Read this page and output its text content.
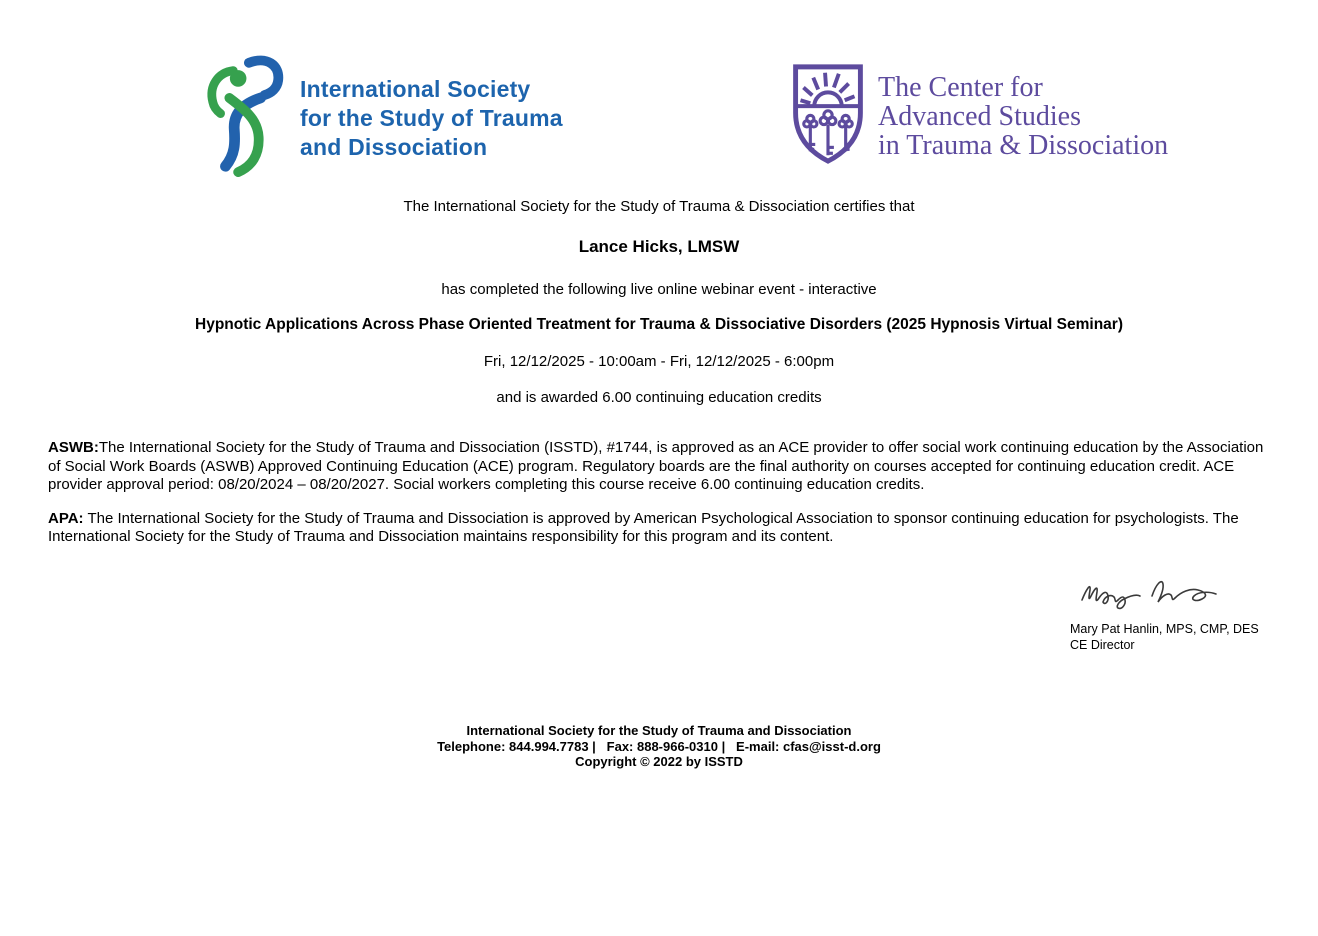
International Society
for the Study of Trauma
and Dissociation
The Center for
Advanced Studies
in Trauma & Dissociation
The International Society for the Study of Trauma & Dissociation certifies that
Lance Hicks, LMSW
has completed the following live online webinar event - interactive
Hypnotic Applications Across Phase Oriented Treatment for Trauma & Dissociative Disorders (2025 Hypnosis Virtual Seminar)
Fri, 12/12/2025 - 10:00am - Fri, 12/12/2025 - 6:00pm
and is awarded 6.00 continuing education credits

ASWB:The International Society for the Study of Trauma and Dissociation (ISSTD), #1744, is approved as an ACE provider to offer social work continuing education by the Association of Social Work Boards (ASWB) Approved Continuing Education (ACE) program. Regulatory boards are the final authority on courses accepted for continuing education credit. ACE provider approval period: 08/20/2024 – 08/20/2027. Social workers completing this course receive 6.00 continuing education credits.

APA: The International Society for the Study of Trauma and Dissociation is approved by American Psychological Association to sponsor continuing education for psychologists. The International Society for the Study of Trauma and Dissociation maintains responsibility for this program and its content.

Mary Pat Hanlin, MPS, CMP, DES
CE Director
International Society for the Study of Trauma and Dissociation
Telephone: 844.994.7783 |   Fax: 888-966-0310 |   E-mail: cfas@isst-d.org
Copyright © 2022 by ISSTD
